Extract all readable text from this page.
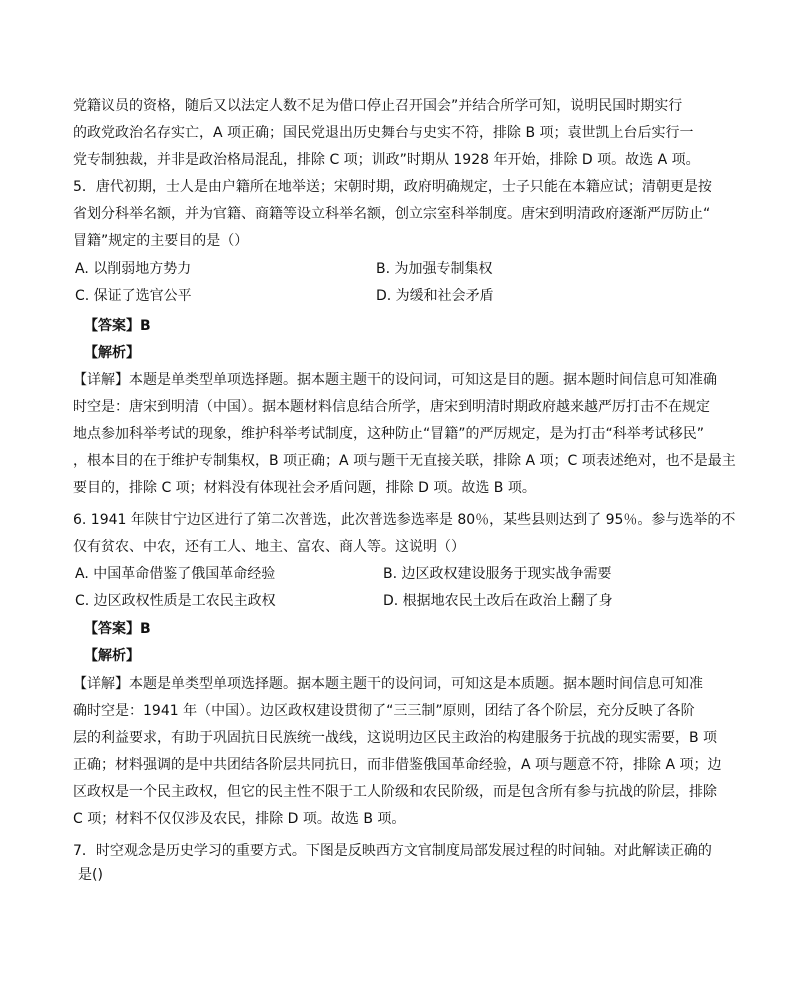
党籍议员的资格，随后又以法定人数不足为借口停止召开国会”并结合所学可知，说明民国时期实行
的政党政治名存实亡，A 项正确；国民党退出历史舞台与史实不符，排除 B 项；袁世凯上台后实行一
党专制独裁，并非是政治格局混乱，排除 C 项；训政”时期从 1928 年开始，排除 D 项。故选 A 项。
5．唐代初期，士人是由户籍所在地举送；宋朝时期，政府明确规定，士子只能在本籍应试；清朝更是按
省划分科举名额，并为官籍、商籍等设立科举名额，创立宗室科举制度。唐宋到明清政府逐渐严厉防止“
冒籍”规定的主要目的是（）
A. 以削弱地方势力	B. 为加强专制集权
C. 保证了选官公平	D. 为缓和社会矛盾
【答案】B
【解析】
【详解】本题是单类型单项选择题。据本题主题干的设问词，可知这是目的题。据本题时间信息可知准确
时空是：唐宋到明清（中国）。据本题材料信息结合所学，唐宋到明清时期政府越来越严厉打击不在规定
地点参加科举考试的现象，维护科举考试制度，这种防止“冒籍”的严厉规定，是为打击“科举考试移民”
，根本目的在于维护专制集权，B 项正确；A 项与题干无直接关联，排除 A 项；C 项表述绝对，也不是最主
要目的，排除 C 项；材料没有体现社会矛盾问题，排除 D 项。故选 B 项。
6. 1941 年陕甘宁边区进行了第二次普选，此次普选参选率是 80％，某些县则达到了 95％。参与选举的不
仅有贫农、中农，还有工人、地主、富农、商人等。这说明（）
A. 中国革命借鉴了俄国革命经验	B. 边区政权建设服务于现实战争需要
C. 边区政权性质是工农民主政权	D. 根据地农民土改后在政治上翻了身
【答案】B
【解析】
【详解】本题是单类型单项选择题。据本题主题干的设问词，可知这是本质题。据本题时间信息可知准
确时空是：1941 年（中国）。边区政权建设贯彻了“三三制”原则，团结了各个阶层，充分反映了各阶
层的利益要求，有助于巩固抗日民族统一战线，这说明边区民主政治的构建服务于抗战的现实需要，B 项
正确；材料强调的是中共团结各阶层共同抗日，而非借鉴俄国革命经验，A 项与题意不符，排除 A 项；边
区政权是一个民主政权，但它的民主性不限于工人阶级和农民阶级，而是包含所有参与抗战的阶层，排除
C 项；材料不仅仅涉及农民，排除 D 项。故选 B 项。
7．时空观念是历史学习的重要方式。下图是反映西方文官制度局部发展过程的时间轴。对此解读正确的
是()
